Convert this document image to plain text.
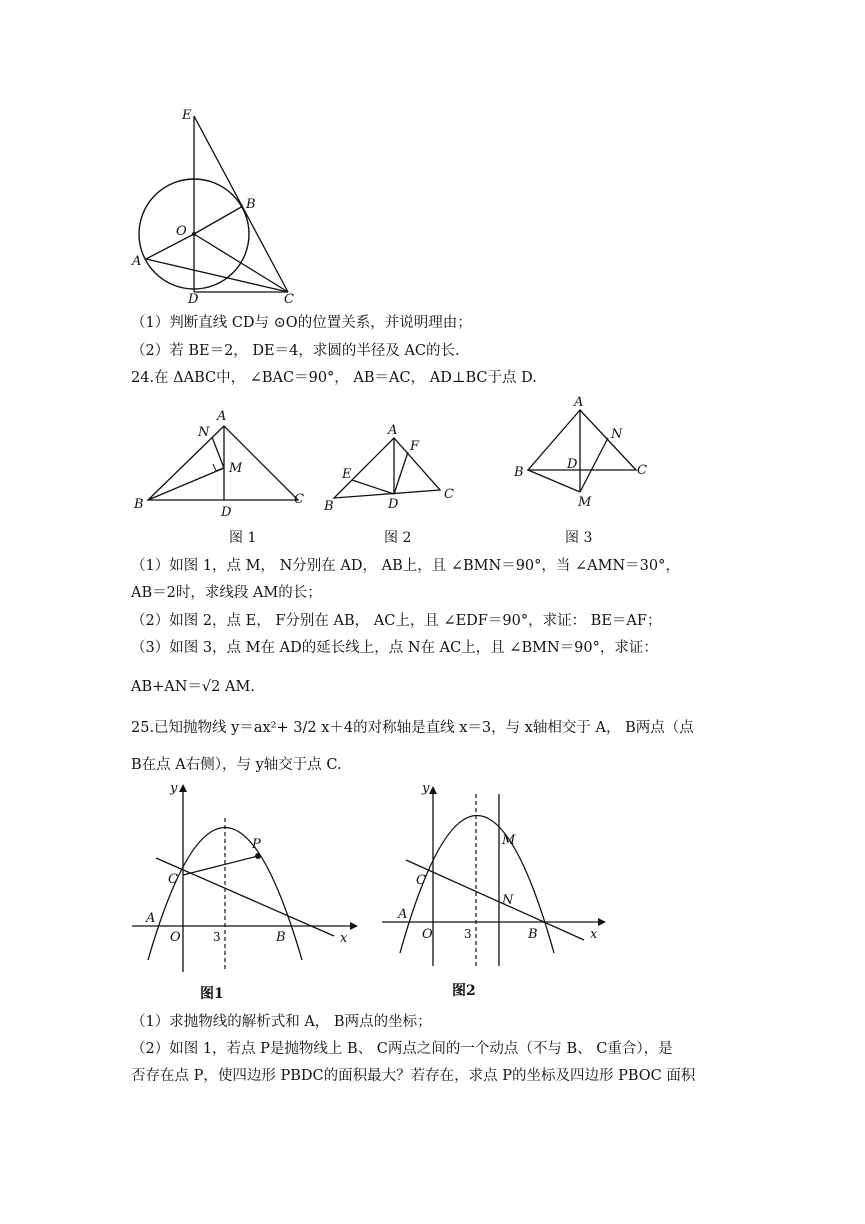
E
B
O
A
D	C
（1）判断直线 CD与 ⊙O的位置关系，并说明理由；
（2）若 BE＝2， DE＝4，求圆的半径及 AC的长.
24.在 ΔABC中， ∠BAC＝90°， AB＝AC， AD⊥BC于点 D.
A
N
M
B
D
C
图 1
A
F
E
B	D
C
图 2
A
N
D
B	C
M
图 3
（1）如图 1，点 M， N分别在 AD， AB上，且 ∠BMN＝90°，当 ∠AMN＝30°，
AB＝2时，求线段 AM的长；
（2）如图 2，点 E， F分别在 AB， AC上，且 ∠EDF＝90°，求证： BE＝AF；
（3）如图 3，点 M在 AD的延长线上，点 N在 AC上，且 ∠BMN＝90°，求证：
AB+AN＝√2 AM.
25.已知抛物线 y＝ax²+ 3/2 x＋4的对称轴是直线 x＝3，与 x轴相交于 A， B两点（点
B在点 A右侧），与 y轴交于点 C.
y
x
P
C
A
O	3	B
图1
y
x
M
C
N
A
O	3	B
图2
（1）求抛物线的解析式和 A， B两点的坐标；
（2）如图 1，若点 P是抛物线上 B、 C两点之间的一个动点（不与 B、 C重合），是
否存在点 P，使四边形 PBDC的面积最大？若存在，求点 P的坐标及四边形 PBOC 面积
